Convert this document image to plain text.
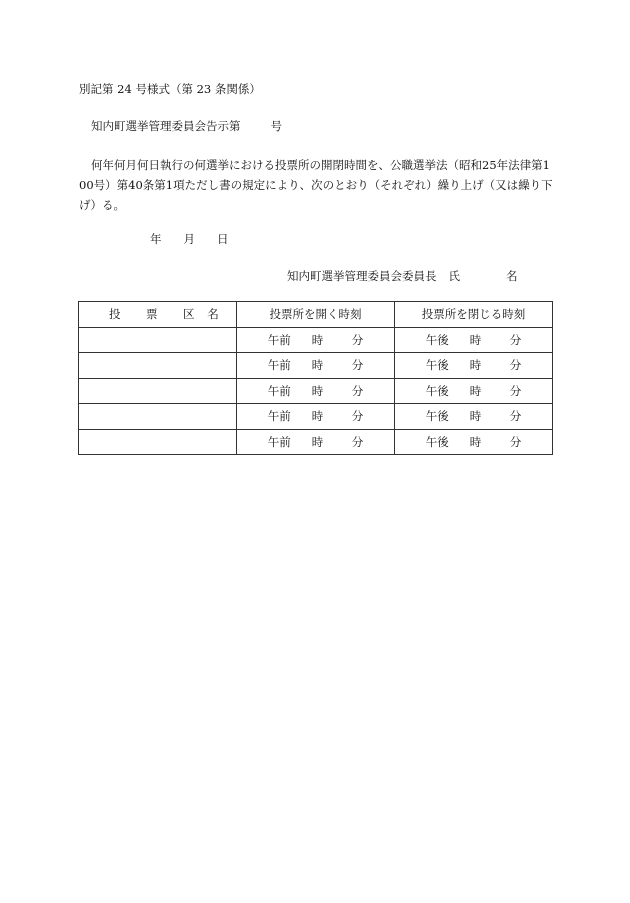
別記第 24 号様式（第 23 条関係）
知内町選挙管理委員会告示第	号
何年何月何日執行の何選挙における投票所の開閉時間を、公職選挙法（昭和25年法律第100号）第40条第1項ただし書の規定により、次のとおり（それぞれ）繰り上げ（又は繰り下げ）る。
年 月 日
知内町選挙管理委員会委員長 氏	名
投 票 区 名	投票所を開く時刻	投票所を閉じる時刻
	午前 時 分	午後 時 分
	午前 時 分	午後 時 分
	午前 時 分	午後 時 分
	午前 時 分	午後 時 分
	午前 時 分	午後 時 分
